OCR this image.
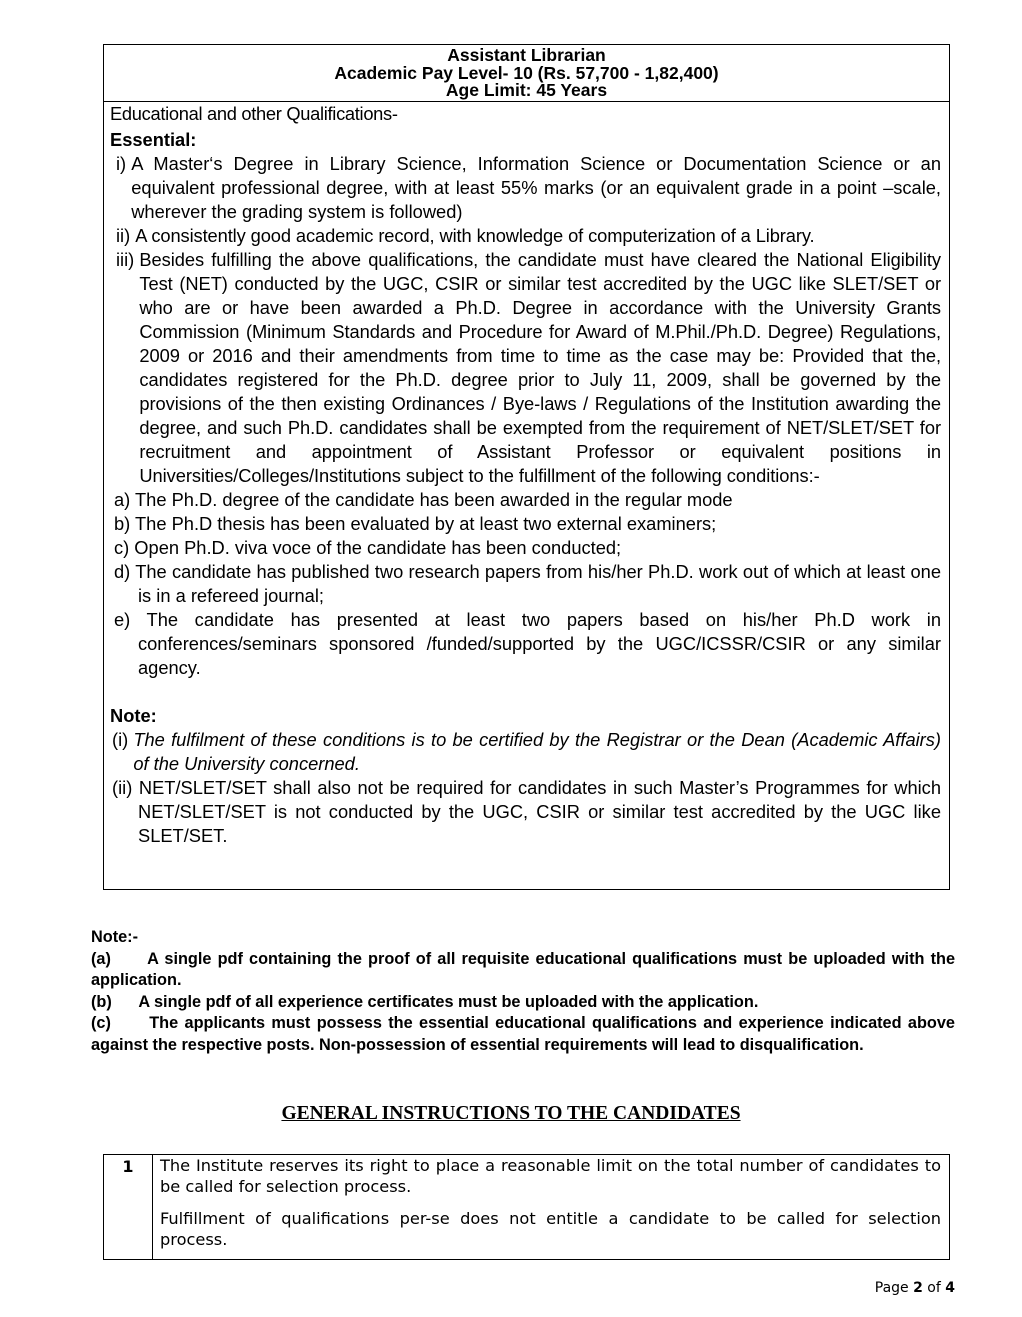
Assistant Librarian
Academic Pay Level- 10 (Rs. 57,700 - 1,82,400)
Age Limit: 45 Years
Educational and other Qualifications-
Essential:
i) A Master‘s Degree in Library Science, Information Science or Documentation Science or an equivalent professional degree, with at least 55% marks (or an equivalent grade in a point –scale, wherever the grading system is followed)
ii) A consistently good academic record, with knowledge of computerization of a Library.
iii) Besides fulfilling the above qualifications, the candidate must have cleared the National Eligibility Test (NET) conducted by the UGC, CSIR or similar test accredited by the UGC like SLET/SET or who are or have been awarded a Ph.D. Degree in accordance with the University Grants Commission (Minimum Standards and Procedure for Award of M.Phil./Ph.D. Degree) Regulations, 2009 or 2016 and their amendments from time to time as the case may be: Provided that the, candidates registered for the Ph.D. degree prior to July 11, 2009, shall be governed by the provisions of the then existing Ordinances / Bye-laws / Regulations of the Institution awarding the degree, and such Ph.D. candidates shall be exempted from the requirement of NET/SLET/SET for recruitment and appointment of Assistant Professor or equivalent positions in Universities/Colleges/Institutions subject to the fulfillment of the following conditions:-
a) The Ph.D. degree of the candidate has been awarded in the regular mode
b) The Ph.D thesis has been evaluated by at least two external examiners;
c) Open Ph.D. viva voce of the candidate has been conducted;
d) The candidate has published two research papers from his/her Ph.D. work out of which at least one is in a refereed journal;
e) The candidate has presented at least two papers based on his/her Ph.D work in conferences/seminars sponsored /funded/supported by the UGC/ICSSR/CSIR or any similar agency.
Note:
(i) The fulfilment of these conditions is to be certified by the Registrar or the Dean (Academic Affairs) of the University concerned.
(ii) NET/SLET/SET shall also not be required for candidates in such Master’s Programmes for which NET/SLET/SET is not conducted by the UGC, CSIR or similar test accredited by the UGC like SLET/SET.

Note:-

(a)      A single pdf containing the proof of all requisite educational qualifications must be uploaded with the application.

(b)      A single pdf of all experience certificates must be uploaded with the application.

(c)      The applicants must possess the essential educational qualifications and experience indicated above against the respective posts. Non-possession of essential requirements will lead to disqualification.

GENERAL INSTRUCTIONS TO THE CANDIDATES
1	The Institute reserves its right to place a reasonable limit on the total number of candidates to be called for selection process.

Fulfillment of qualifications per-se does not entitle a candidate to be called for selection process.

Page 2 of 4
